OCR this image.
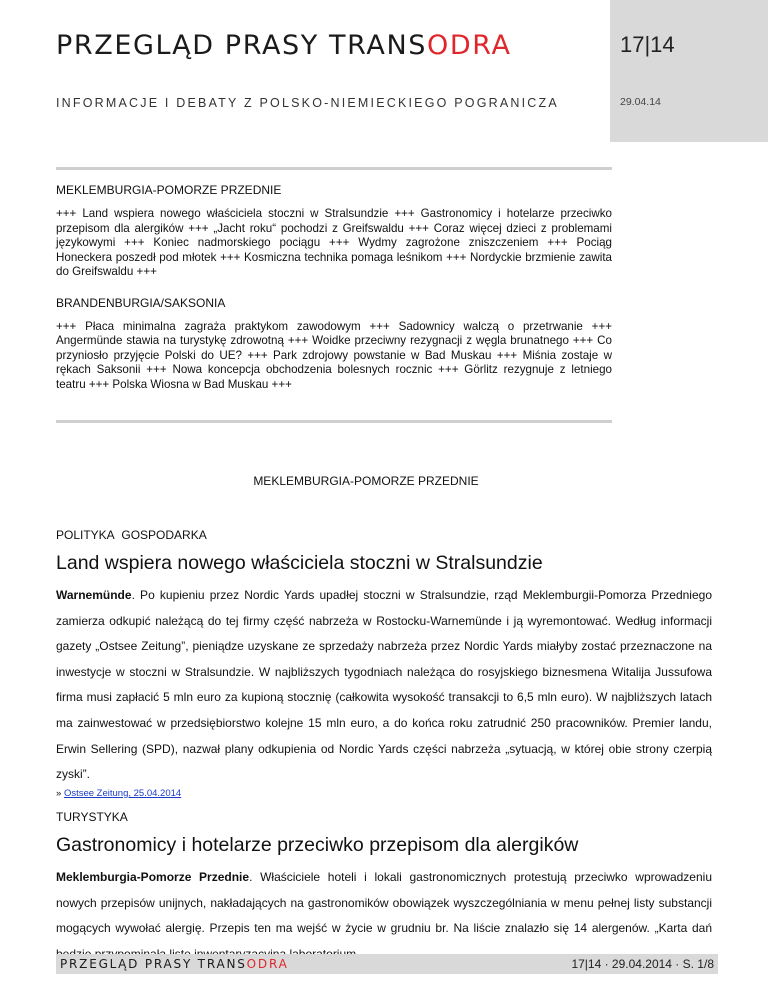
PRZEGLĄD PRASY TRANSODRA
INFORMACJE I DEBATY Z POLSKO-NIEMIECKIEGO POGRANICZA
17|14
29.04.14
MEKLEMBURGIA-POMORZE PRZEDNIE
+++ Land wspiera nowego właściciela stoczni w Stralsundzie +++ Gastronomicy i hotelarze przeciwko przepisom dla alergików +++ „Jacht roku“ pochodzi z Greifswaldu +++ Coraz więcej dzieci z problemami językowymi +++ Koniec nadmorskiego pociągu +++ Wydmy zagrożone zniszczeniem +++ Pociąg Honeckera poszedł pod młotek +++ Kosmiczna technika pomaga leśnikom +++ Nordyckie brzmienie zawita do Greifswaldu +++
BRANDENBURGIA/SAKSONIA
+++ Płaca minimalna zagraża praktykom zawodowym +++ Sadownicy walczą o przetrwanie +++ Angermünde stawia na turystykę zdrowotną +++ Woidke przeciwny rezygnacji z węgla brunatnego +++ Co przyniosło przyjęcie Polski do UE? +++ Park zdrojowy powstanie w Bad Muskau +++ Miśnia zostaje w rękach Saksonii +++ Nowa koncepcja obchodzenia bolesnych rocznic +++ Görlitz rezygnuje z letniego teatru +++ Polska Wiosna w Bad Muskau +++
MEKLEMBURGIA-POMORZE PRZEDNIE
POLITYKA GOSPODARKA
Land wspiera nowego właściciela stoczni w Stralsundzie
Warnemünde. Po kupieniu przez Nordic Yards upadłej stoczni w Stralsundzie, rząd Meklemburgii-Pomorza Przedniego zamierza odkupić należącą do tej firmy część nabrzeża w Rostocku-Warnemünde i ją wyremontować. Według informacji gazety „Ostsee Zeitung”, pieniądze uzyskane ze sprzedaży nabrzeża przez Nordic Yards miałyby zostać przeznaczone na inwestycje w stoczni w Stralsundzie. W najbliższych tygodniach należąca do rosyjskiego biznesmena Witalija Jussufowa firma musi zapłacić 5 mln euro za kupioną stocznię (całkowita wysokość transakcji to 6,5 mln euro). W najbliższych latach ma zainwestować w przedsiębiorstwo kolejne 15 mln euro, a do końca roku zatrudnić 250 pracowników. Premier landu, Erwin Sellering (SPD), nazwał plany odkupienia od Nordic Yards części nabrzeża „sytuacją, w której obie strony czerpią zyski”.
» Ostsee Zeitung, 25.04.2014
TURYSTYKA
Gastronomicy i hotelarze przeciwko przepisom dla alergików
Meklemburgia-Pomorze Przednie. Właściciele hoteli i lokali gastronomicznych protestują przeciwko wprowadzeniu nowych przepisów unijnych, nakładających na gastronomików obowiązek wyszczególniania w menu pełnej listy substancji mogących wywołać alergię. Przepis ten ma wejść w życie w grudniu br. Na liście znalazło się 14 alergenów. „Karta dań
PRZEGLĄD PRASY TRANSODRA	17|14 · 29.04.2014 · S. 1/8
